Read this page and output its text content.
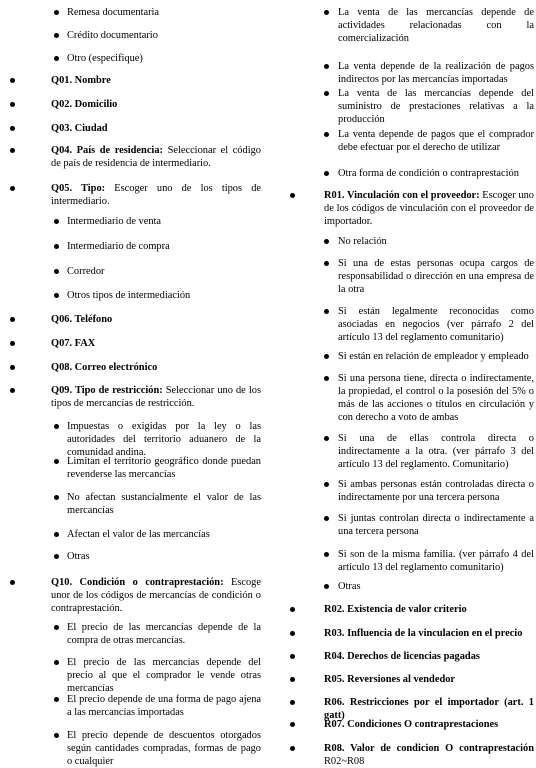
Remesa documentaria
Crédito documentario
Otro (especifique)
Q01. Nombre
Q02. Domicilio
Q03. Ciudad
Q04. País de residencia: Seleccionar el código de país de residencia de intermediario.
Q05. Tipo: Escoger uno de los tipos de intermediario.
Intermediario de venta
Intermediario de compra
Corredor
Otros tipos de intermediación
Q06. Teléfono
Q07. FAX
Q08. Correo electrónico
Q09. Tipo de restricción: Seleccionar uno de los tipos de mercancías de restricción.
Impuestas o exigidas por la ley o las autoridades del territorio aduanero de la comunidad andina.
Limitan el territorio geográfico donde puedan revenderse las mercancías
No afectan sustancialmente el valor de las mercancías
Afectan el valor de las mercancías
Otras
Q10. Condición o contraprestación: Escoge unor de los códigos de mercancías de condición o contraprestación.
El precio de las mercancías depende de la compra de otras mercancías.
El precio de las mercancías depende del precio al que el comprador le vende otras mercancías
El precio depende de una forma de pago ajena a las mercancías importadas
El precio depende de descuentos otorgados según cantidades compradas, formas de pago o cualquier
La venta de las mercancías depende de actividades relacionadas con la comercialización
La venta depende de la realización de pagos indirectos por las mercancías importadas
La venta de las mercancías depende del suministro de prestaciones relativas a la producción
La venta depende de pagos que el comprador debe efectuar por el derecho de utilizar
Otra forma de condición o contraprestación
R01. Vinculación con el proveedor: Escoger uno de los códigos de vinculación con el proveedor de importador.
No relación
Si una de estas personas ocupa cargos de responsabilidad o dirección en una empresa de la otra
Si están legalmente reconocidas como asociadas en negocios (ver párrafo 2 del artículo 13 del reglamento comunitario)
Si están en relación de empleador y empleado
Si una persona tiene, directa o indirectamente, la propiedad, el control o la posesión del 5% o más de las acciones o títulos en circulación y con derecho a voto de ambas
Si una de ellas controla directa o indirectamente a la otra. (ver párrafo 3 del artículo 13 del reglamento. Comunitario)
Si ambas personas están controladas directa o indirectamente por una tercera persona
Si juntas controlan directa o indirectamente a una tercera persona
Si son de la misma familia. (ver párrafo 4 del artículo 13 del reglamento comunitario)
Otras
R02. Existencia de valor criterio
R03. Influencia de la vinculacion en el precio
R04. Derechos de licencias pagadas
R05. Reversiones al vendedor
R06. Restricciones por el importador (art. 1 gatt)
R07. Condiciones O contraprestaciones
R08. Valor de condicion O contraprestación R02~R08
